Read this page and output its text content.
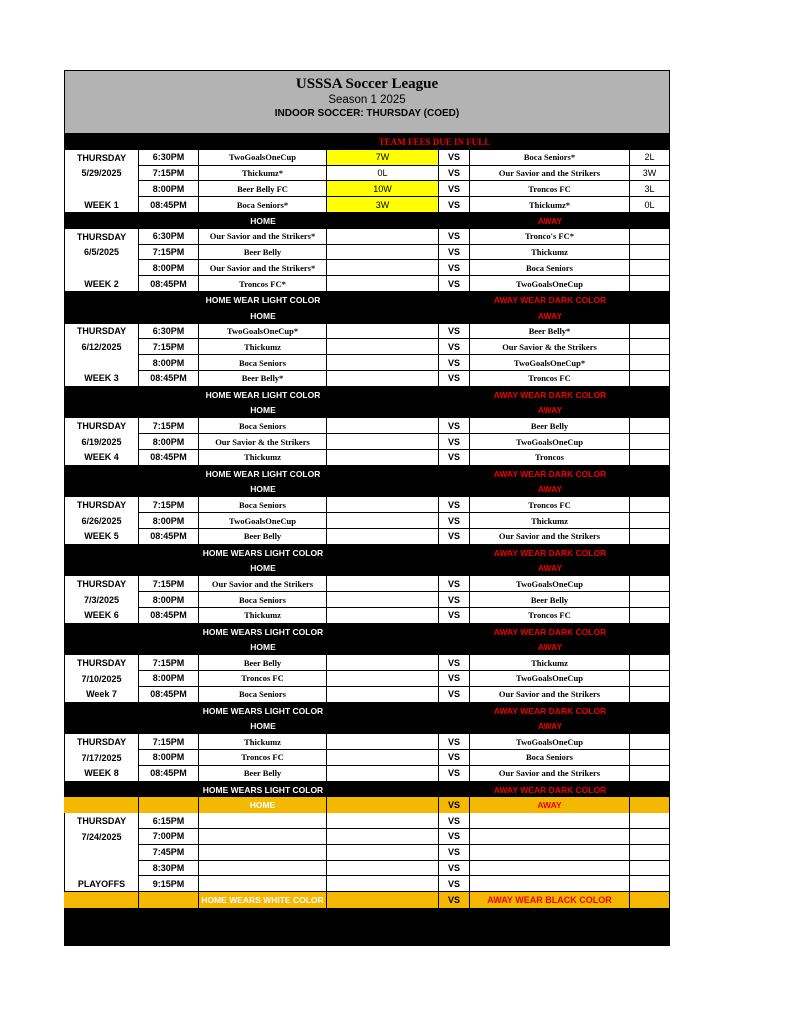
USSSA Soccer League
Season 1 2025
INDOOR SOCCER: THURSDAY (COED)
TEAM FEES DUE IN FULL
THURSDAY	6:30PM	TwoGoalsOneCup	7W	VS	Boca Seniors*	2L
5/29/2025	7:15PM	Thickumz*	0L	VS	Our Savior and the Strikers	3W
8:00PM	Beer Belly FC	10W	VS	Troncos FC	3L
WEEK 1	08:45PM	Boca Seniors*	3W	VS	Thickumz*	0L
HOME	AWAY
THURSDAY	6:30PM	Our Savior and the Strikers*	VS	Tronco's FC*
6/5/2025	7:15PM	Beer Belly	VS	Thickumz
8:00PM	Our Savior and the Strikers*	VS	Boca Seniors
WEEK 2	08:45PM	Troncos FC*	VS	TwoGoalsOneCup
HOME WEAR LIGHT COLOR	AWAY WEAR DARK COLOR
HOME	AWAY
THURSDAY	6:30PM	TwoGoalsOneCup*	VS	Beer Belly*
6/12/2025	7:15PM	Thickumz	VS	Our Savior & the Strikers
8:00PM	Boca Seniors	VS	TwoGoalsOneCup*
WEEK 3	08:45PM	Beer Belly*	VS	Troncos FC
HOME WEAR LIGHT COLOR	AWAY WEAR DARK COLOR
HOME	AWAY
THURSDAY	7:15PM	Boca Seniors	VS	Beer Belly
6/19/2025	8:00PM	Our Savior & the Strikers	VS	TwoGoalsOneCup
WEEK 4	08:45PM	Thickumz	VS	Troncos
HOME WEAR LIGHT COLOR	AWAY WEAR DARK COLOR
HOME	AWAY
THURSDAY	7:15PM	Boca Seniors	VS	Troncos FC
6/26/2025	8:00PM	TwoGoalsOneCup	VS	Thickumz
WEEK 5	08:45PM	Beer Belly	VS	Our Savior and the Strikers
HOME WEARS LIGHT COLOR	AWAY WEAR DARK COLOR
HOME	AWAY
THURSDAY	7:15PM	Our Savior and the Strikers	VS	TwoGoalsOneCup
7/3/2025	8:00PM	Boca Seniors	VS	Beer Belly
WEEK 6	08:45PM	Thickumz	VS	Troncos FC
HOME WEARS LIGHT COLOR	AWAY WEAR DARK COLOR
HOME	AWAY
THURSDAY	7:15PM	Beer Belly	VS	Thickumz
7/10/2025	8:00PM	Troncos FC	VS	TwoGoalsOneCup
Week 7	08:45PM	Boca Seniors	VS	Our Savior and the Strikers
HOME WEARS LIGHT COLOR	AWAY WEAR DARK COLOR
HOME	AWAY
THURSDAY	7:15PM	Thickumz	VS	TwoGoalsOneCup
7/17/2025	8:00PM	Troncos FC	VS	Boca Seniors
WEEK 8	08:45PM	Beer Belly	VS	Our Savior and the Strikers
HOME WEARS LIGHT COLOR	AWAY WEAR DARK COLOR
HOME	VS	AWAY
THURSDAY	6:15PM	VS
7/24/2025	7:00PM	VS
7:45PM	VS
8:30PM	VS
PLAYOFFS	9:15PM	VS
HOME WEARS WHITE COLOR	VS	AWAY WEAR BLACK COLOR
